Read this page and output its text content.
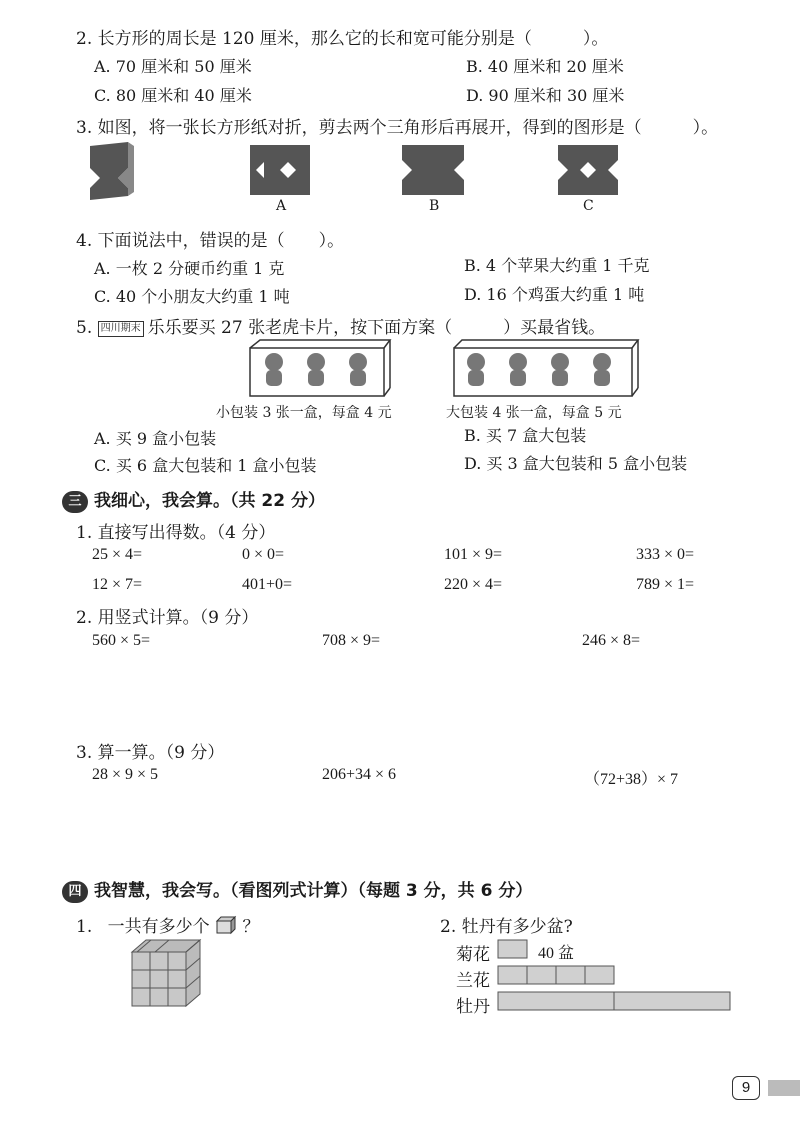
2. 长方形的周长是 120 厘米，那么它的长和宽可能分别是（　　　）。
A. 70 厘米和 50 厘米	B. 40 厘米和 20 厘米
C. 80 厘米和 40 厘米	D. 90 厘米和 30 厘米
3. 如图，将一张长方形纸对折，剪去两个三角形后再展开，得到的图形是（　　　）。
A	B	C
4. 下面说法中，错误的是（　　）。
A. 一枚 2 分硬币约重 1 克	B. 4 个苹果大约重 1 千克
C. 40 个小朋友大约重 1 吨	D. 16 个鸡蛋大约重 1 吨
5. 四川期末 乐乐要买 27 张老虎卡片，按下面方案（　　　）买最省钱。
小包装 3 张一盒，每盒 4 元	大包装 4 张一盒，每盒 5 元
A. 买 9 盒小包装	B. 买 7 盒大包装
C. 买 6 盒大包装和 1 盒小包装	D. 买 3 盒大包装和 5 盒小包装
三 我细心，我会算。（共 22 分）
1. 直接写出得数。（4 分）
25 × 4=	0 × 0=	101 × 9=	333 × 0=
12 × 7=	401+0=	220 × 4=	789 × 1=
2. 用竖式计算。（9 分）
560 × 5=	708 × 9=	246 × 8=
3. 算一算。（9 分）
28 × 9 × 5	206+34 × 6	（72+38）× 7
四 我智慧，我会写。（看图列式计算）（每题 3 分，共 6 分）
1. 一共有多少个 ？	2. 牡丹有多少盆?
菊花
兰花
牡丹
40 盆
9
